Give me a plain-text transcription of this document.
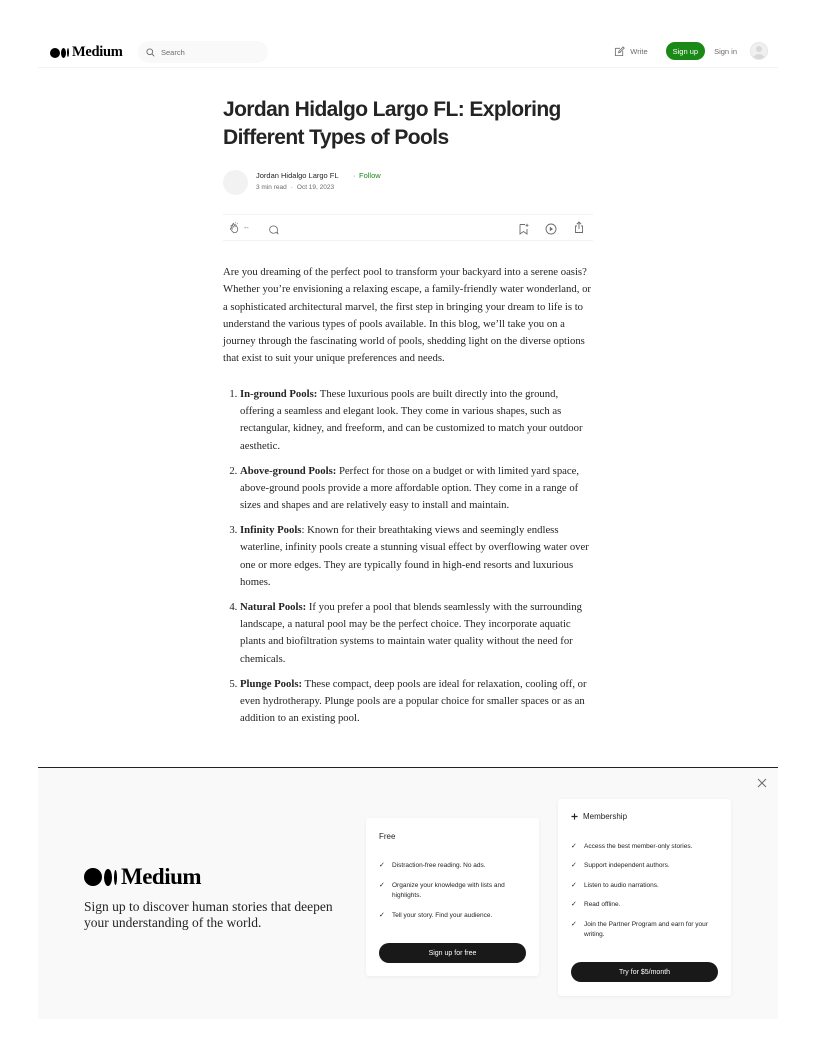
Medium
Search	Write	Sign up	Sign in
Jordan Hidalgo Largo FL: Exploring Different Types of Pools
Jordan Hidalgo Largo FL · Follow
3 min read · Oct 19, 2023
--

Are you dreaming of the perfect pool to transform your backyard into a serene oasis? Whether you’re envisioning a relaxing escape, a family-friendly water wonderland, or a sophisticated architectural marvel, the first step in bringing your dream to life is to understand the various types of pools available. In this blog, we’ll take you on a journey through the fascinating world of pools, shedding light on the diverse options that exist to suit your unique preferences and needs.

1. In-ground Pools: These luxurious pools are built directly into the ground, offering a seamless and elegant look. They come in various shapes, such as rectangular, kidney, and freeform, and can be customized to match your outdoor aesthetic.
2. Above-ground Pools: Perfect for those on a budget or with limited yard space, above-ground pools provide a more affordable option. They come in a range of sizes and shapes and are relatively easy to install and maintain.
3. Infinity Pools: Known for their breathtaking views and seemingly endless waterline, infinity pools create a stunning visual effect by overflowing water over one or more edges. They are typically found in high-end resorts and luxurious homes.
4. Natural Pools: If you prefer a pool that blends seamlessly with the surrounding landscape, a natural pool may be the perfect choice. They incorporate aquatic plants and biofiltration systems to maintain water quality without the need for chemicals.
5. Plunge Pools: These compact, deep pools are ideal for relaxation, cooling off, or even hydrotherapy. Plunge pools are a popular choice for smaller spaces or as an addition to an existing pool.
Medium

Sign up to discover human stories that deepen your understanding of the world.

Free
✓ Distraction-free reading. No ads.
✓ Organize your knowledge with lists and highlights.
✓ Tell your story. Find your audience.
Sign up for free
Membership
✓ Access the best member-only stories.
✓ Support independent authors.
✓ Listen to audio narrations.
✓ Read offline.
✓ Join the Partner Program and earn for your writing.
Try for $5/month
